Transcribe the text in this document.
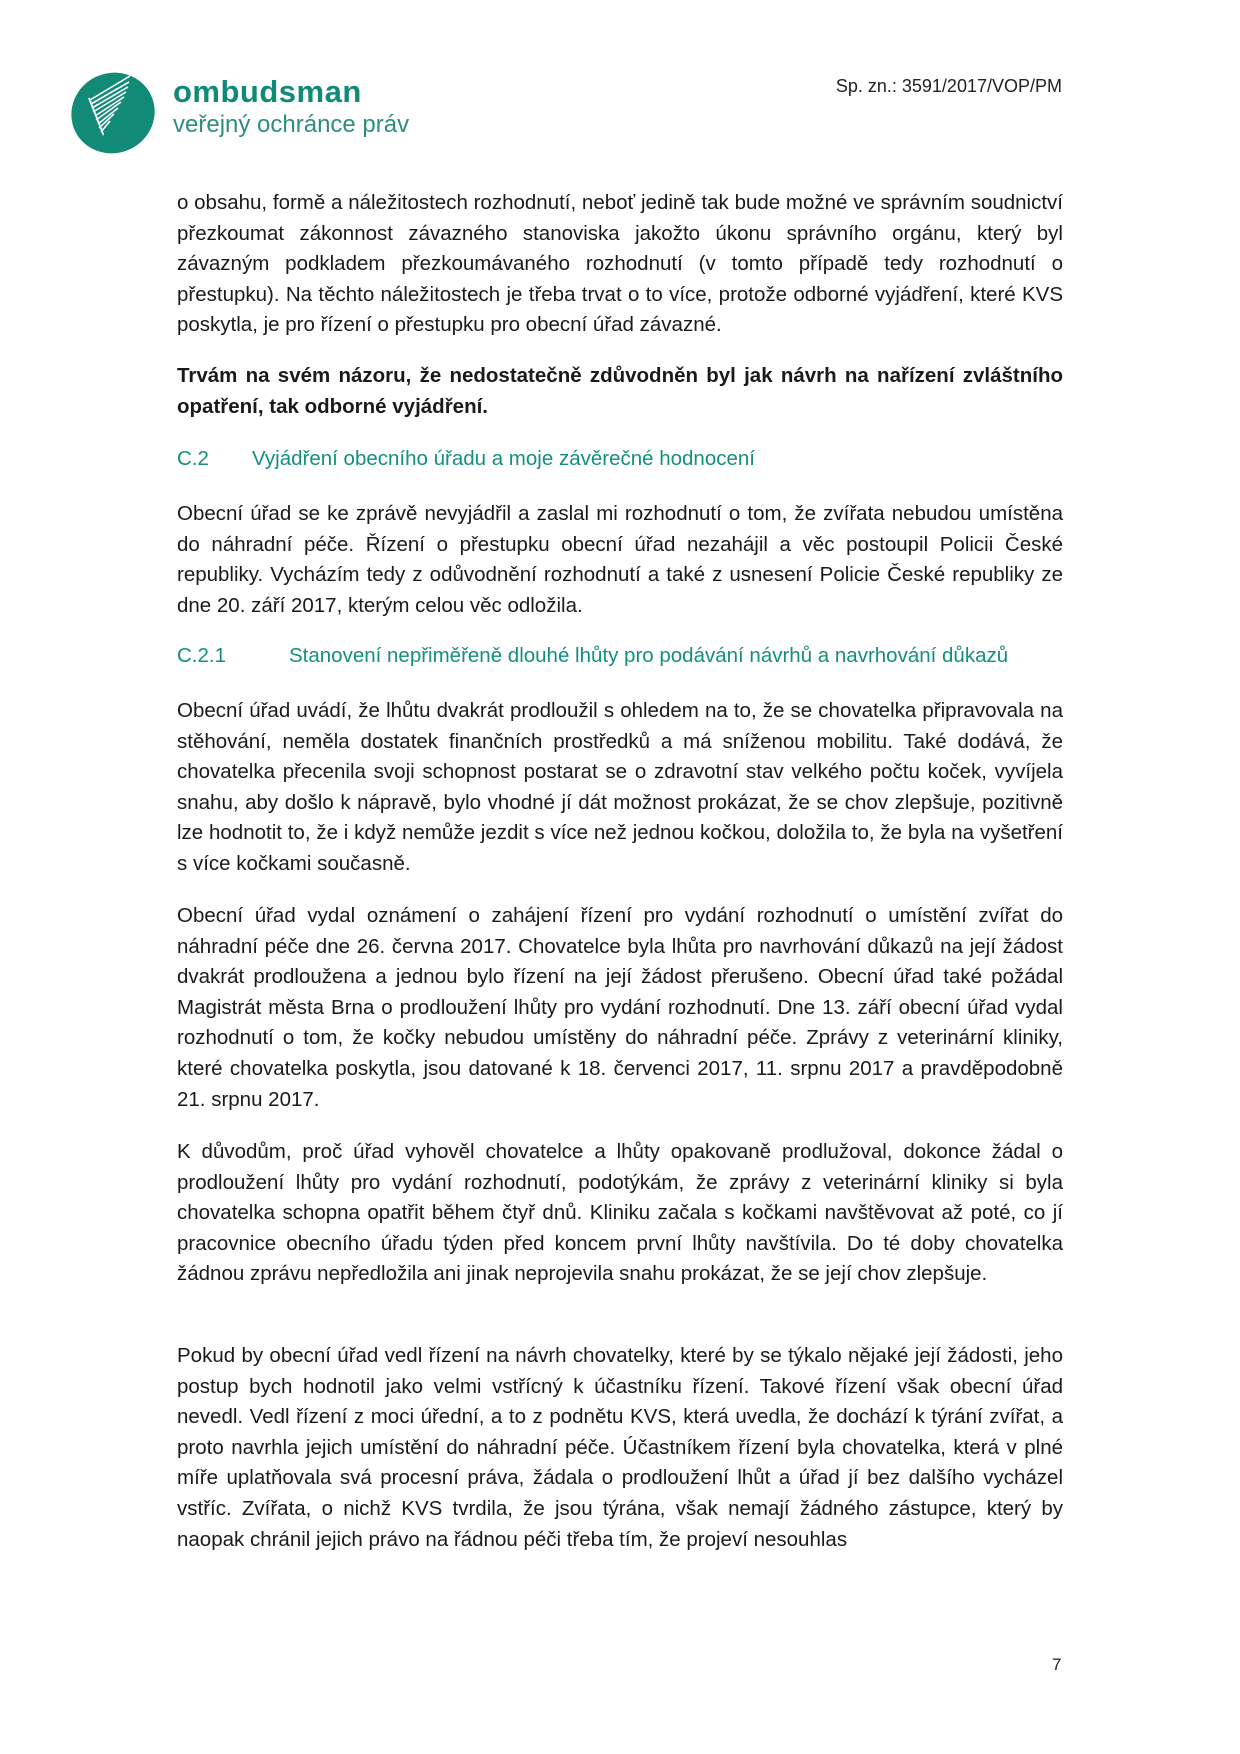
ombudsman
veřejný ochránce práv
Sp. zn.: 3591/2017/VOP/PM

o obsahu, formě a náležitostech rozhodnutí, neboť jedině tak bude možné ve správním soudnictví přezkoumat zákonnost závazného stanoviska jakožto úkonu správního orgánu, který byl závazným podkladem přezkoumávaného rozhodnutí (v tomto případě tedy rozhodnutí o přestupku). Na těchto náležitostech je třeba trvat o to více, protože odborné vyjádření, které KVS poskytla, je pro řízení o přestupku pro obecní úřad závazné.

Trvám na svém názoru, že nedostatečně zdůvodněn byl jak návrh na nařízení zvláštního opatření, tak odborné vyjádření.

C.2 Vyjádření obecního úřadu a moje závěrečné hodnocení

Obecní úřad se ke zprávě nevyjádřil a zaslal mi rozhodnutí o tom, že zvířata nebudou umístěna do náhradní péče. Řízení o přestupku obecní úřad nezahájil a věc postoupil Policii České republiky. Vycházím tedy z odůvodnění rozhodnutí a také z usnesení Policie České republiky ze dne 20. září 2017, kterým celou věc odložila.

C.2.1	Stanovení nepřiměřeně dlouhé lhůty pro podávání návrhů a navrhování důkazů

Obecní úřad uvádí, že lhůtu dvakrát prodloužil s ohledem na to, že se chovatelka připravovala na stěhování, neměla dostatek finančních prostředků a má sníženou mobilitu. Také dodává, že chovatelka přecenila svoji schopnost postarat se o zdravotní stav velkého počtu koček, vyvíjela snahu, aby došlo k nápravě, bylo vhodné jí dát možnost prokázat, že se chov zlepšuje, pozitivně lze hodnotit to, že i když nemůže jezdit s více než jednou kočkou, doložila to, že byla na vyšetření s více kočkami současně.

Obecní úřad vydal oznámení o zahájení řízení pro vydání rozhodnutí o umístění zvířat do náhradní péče dne 26. června 2017. Chovatelce byla lhůta pro navrhování důkazů na její žádost dvakrát prodloužena a jednou bylo řízení na její žádost přerušeno. Obecní úřad také požádal Magistrát města Brna o prodloužení lhůty pro vydání rozhodnutí. Dne 13. září obecní úřad vydal rozhodnutí o tom, že kočky nebudou umístěny do náhradní péče. Zprávy z veterinární kliniky, které chovatelka poskytla, jsou datované k 18. červenci 2017, 11. srpnu 2017 a pravděpodobně 21. srpnu 2017.

K důvodům, proč úřad vyhověl chovatelce a lhůty opakovaně prodlužoval, dokonce žádal o prodloužení lhůty pro vydání rozhodnutí, podotýkám, že zprávy z veterinární kliniky si byla chovatelka schopna opatřit během čtyř dnů. Kliniku začala s kočkami navštěvovat až poté, co jí pracovnice obecního úřadu týden před koncem první lhůty navštívila. Do té doby chovatelka žádnou zprávu nepředložila ani jinak neprojevila snahu prokázat, že se její chov zlepšuje.

Pokud by obecní úřad vedl řízení na návrh chovatelky, které by se týkalo nějaké její žádosti, jeho postup bych hodnotil jako velmi vstřícný k účastníku řízení. Takové řízení však obecní úřad nevedl. Vedl řízení z moci úřední, a to z podnětu KVS, která uvedla, že dochází k týrání zvířat, a proto navrhla jejich umístění do náhradní péče. Účastníkem řízení byla chovatelka, která v plné míře uplatňovala svá procesní práva, žádala o prodloužení lhůt a úřad jí bez dalšího vycházel vstříc. Zvířata, o nichž KVS tvrdila, že jsou týrána, však nemají žádného zástupce, který by naopak chránil jejich právo na řádnou péči třeba tím, že projeví nesouhlas

7
